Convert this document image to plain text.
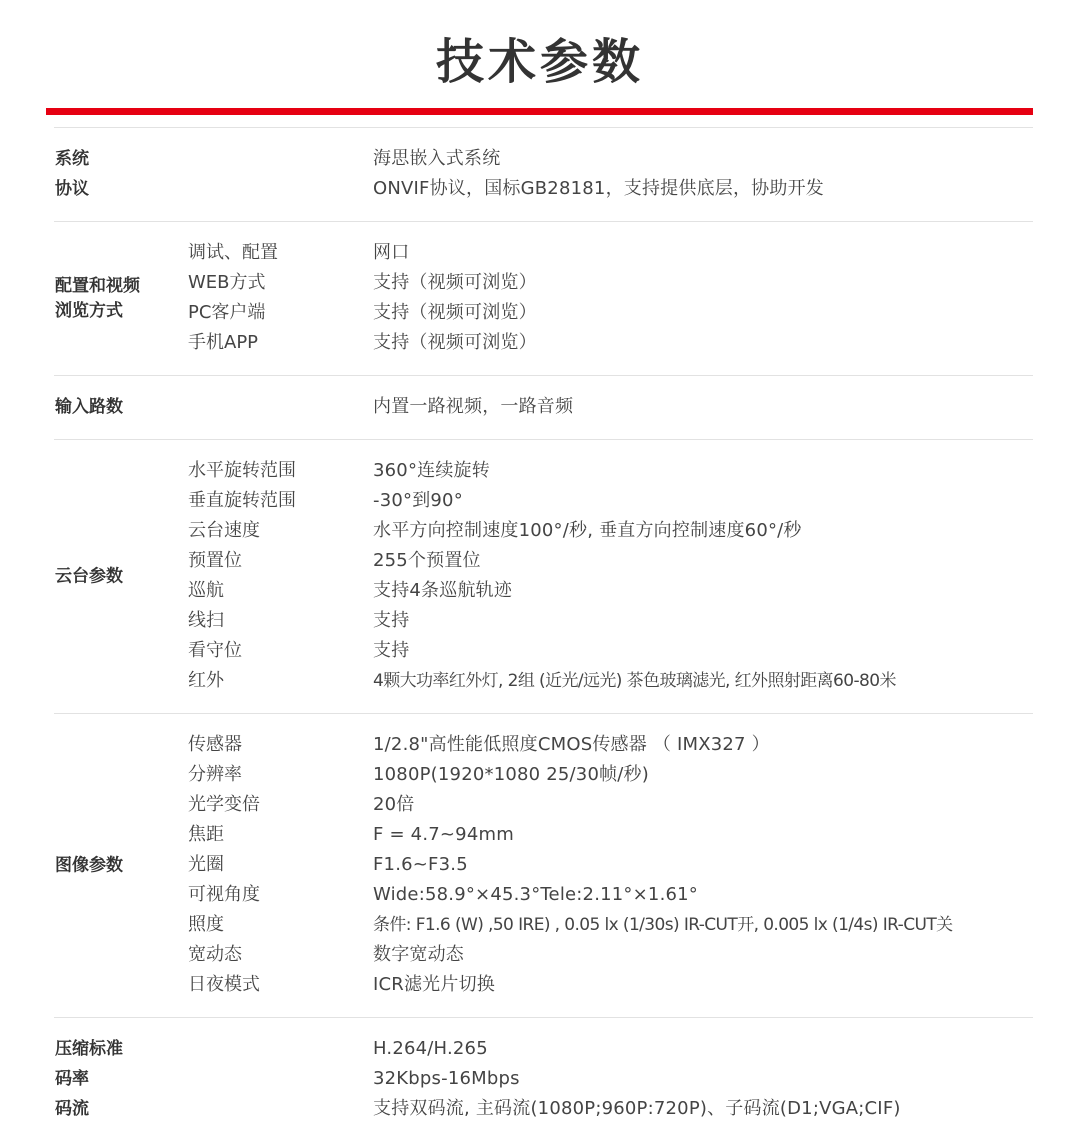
技术参数
系统	海思嵌入式系统
协议	ONVIF协议，国标GB28181，支持提供底层，协助开发
配置和视频
浏览方式
调试、配置	网口
WEB方式	支持（视频可浏览）
PC客户端	支持（视频可浏览）
手机APP	支持（视频可浏览）
输入路数	内置一路视频，一路音频
云台参数
水平旋转范围	360°连续旋转
垂直旋转范围	-30°到90°
云台速度	水平方向控制速度100°/秒, 垂直方向控制速度60°/秒
预置位	255个预置位
巡航	支持4条巡航轨迹
线扫	支持
看守位	支持
红外	4颗大功率红外灯, 2组 (近光/远光) 茶色玻璃滤光, 红外照射距离60-80米
图像参数
传感器	1/2.8"高性能低照度CMOS传感器 （ IMX327 ）
分辨率	1080P(1920*1080 25/30帧/秒)
光学变倍	20倍
焦距	F = 4.7~94mm
光圈	F1.6~F3.5
可视角度	Wide:58.9°×45.3°Tele:2.11°×1.61°
照度	条件: F1.6 (W) ,50 IRE) , 0.05 lx (1/30s) IR-CUT开, 0.005 lx (1/4s) IR-CUT关
宽动态	数字宽动态
日夜模式	ICR滤光片切换
压缩标准	H.264/H.265
码率	32Kbps-16Mbps
码流	支持双码流, 主码流(1080P;960P:720P)、子码流(D1;VGA;CIF)
